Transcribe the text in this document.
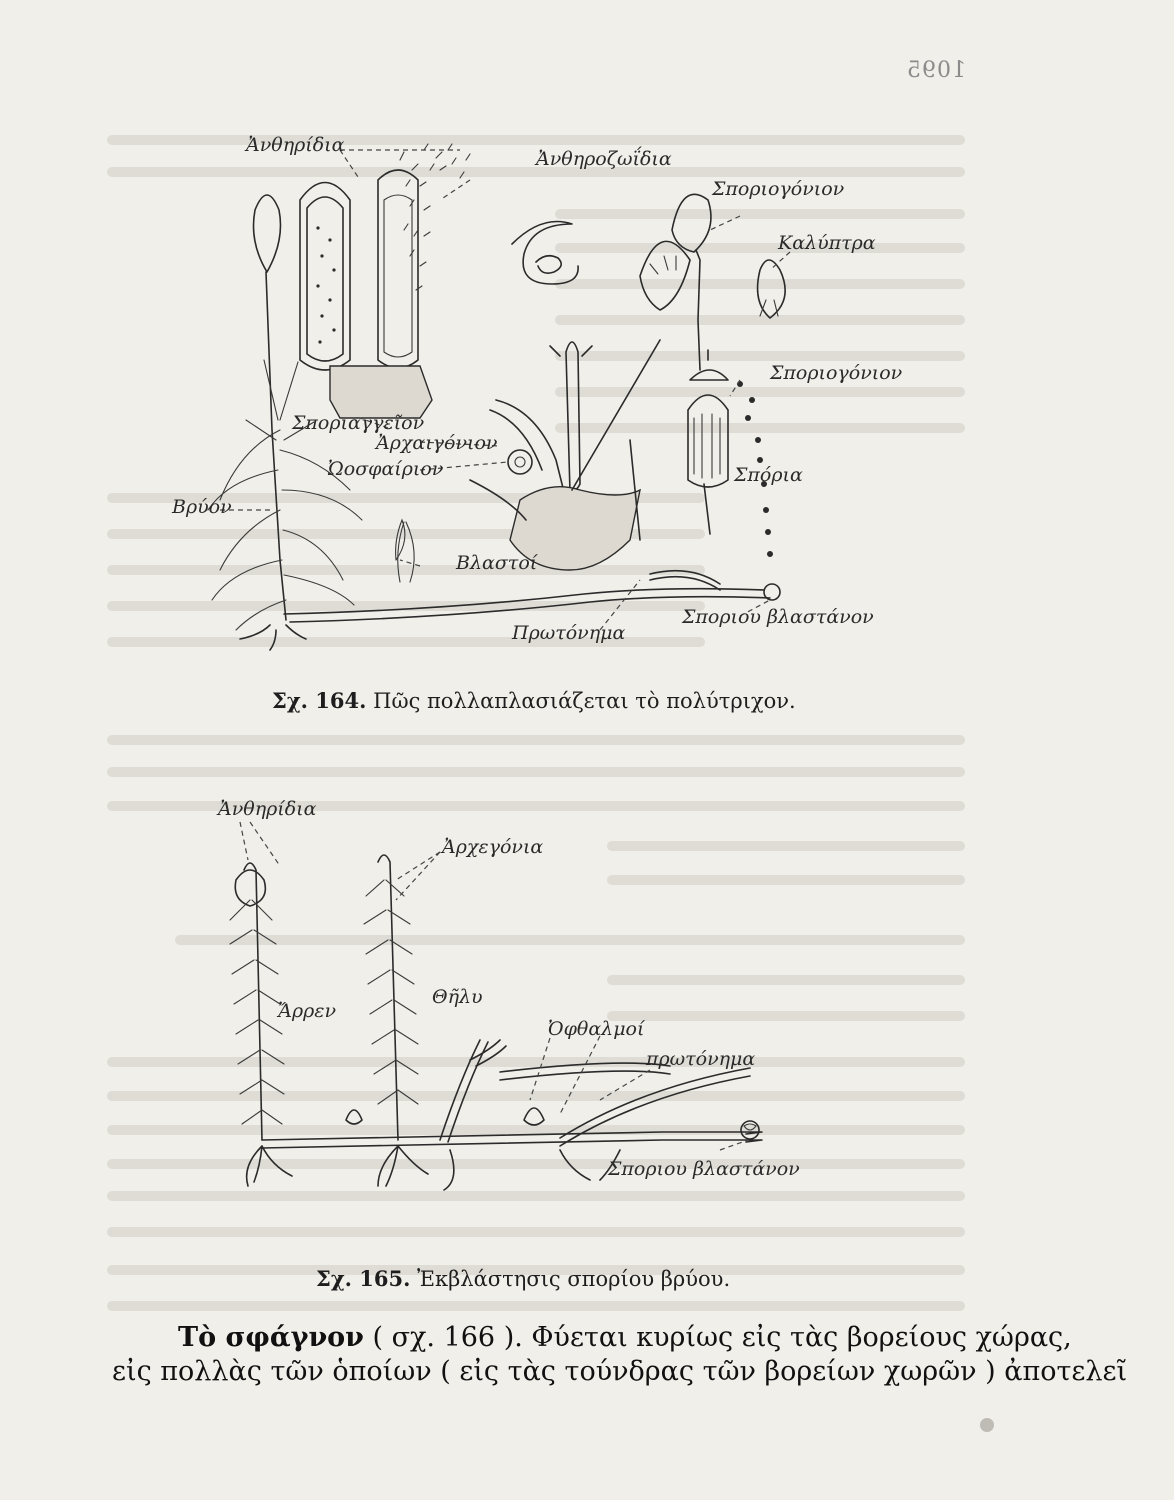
1095
Ἀνθηρίδια
Ἀνθηροζωΐδια
Σποριογόνιον
Καλύπτρα
Σποριογόνιον
Σποριαγγεῖον
Ἀρχαιγόνιον
Ὠοσφαίριον	Σπόρια
Βρύον
Βλαστοί
Πρωτόνημα
Σποριου βλαστάνον
Σχ. 164. Πῶς πολλαπλασιάζεται τὸ πολύτριχον.
Ἀνθηρίδια
Ἀρχεγόνια
Ἄρρεν
Θῆλυ
Ὀφθαλμοί
πρωτόνημα
Σποριου βλαστάνον
Σχ. 165. Ἐκβλάστησις σπορίου βρύου.
Τὸ σφάγνον ( σχ. 166 ). Φύεται κυρίως εἰς τὰς βορείους χώρας,
εἰς πολλὰς τῶν ὁποίων ( εἰς τὰς τούνδρας τῶν βορείων χωρῶν ) ἀποτελεῖ
